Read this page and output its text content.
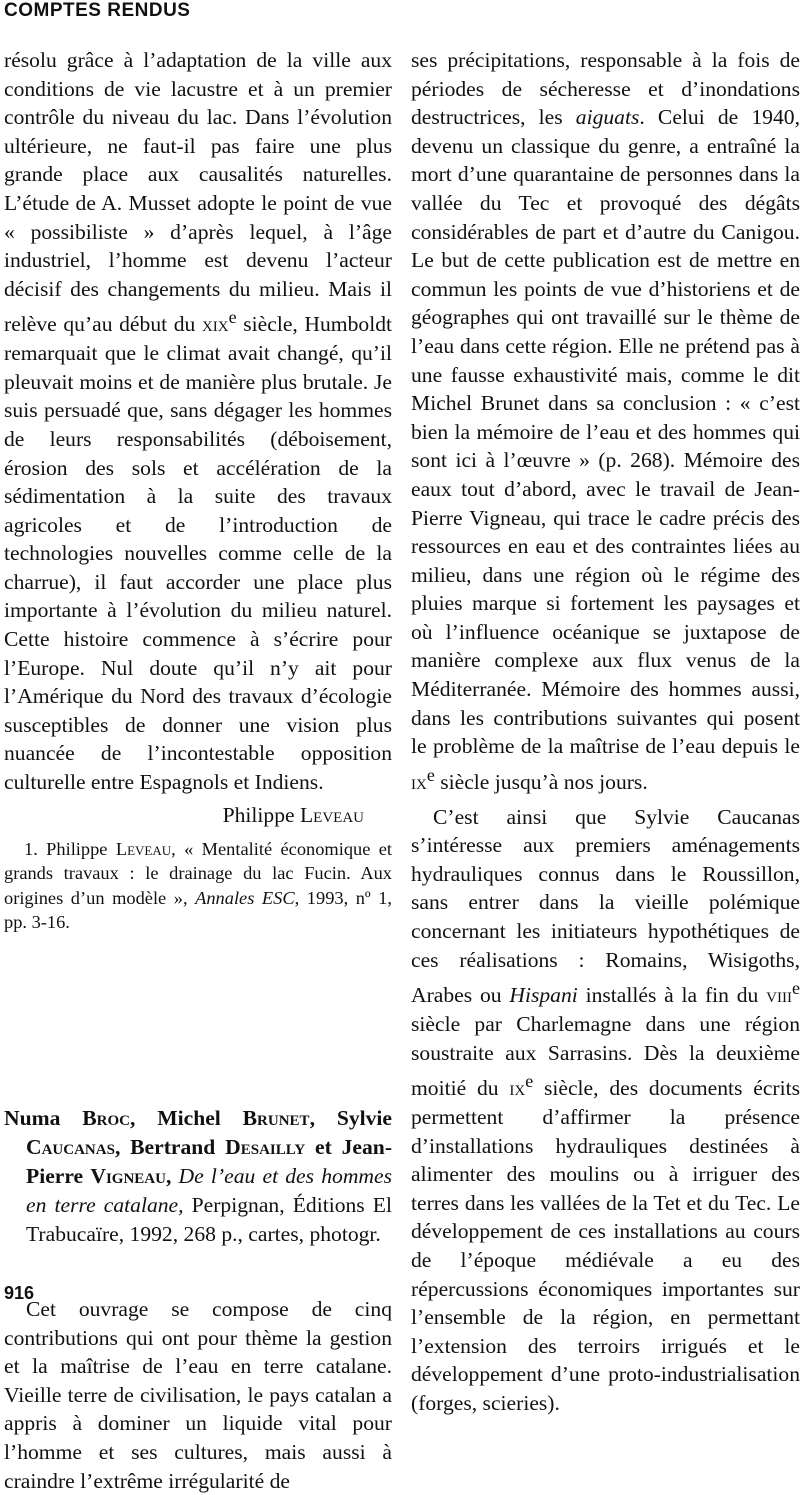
COMPTES RENDUS

résolu grâce à l’adaptation de la ville aux conditions de vie lacustre et à un premier contrôle du niveau du lac. Dans l’évolution ultérieure, ne faut-il pas faire une plus grande place aux causalités naturelles. L’étude de A. Musset adopte le point de vue « possibiliste » d’après lequel, à l’âge industriel, l’homme est devenu l’acteur décisif des changements du milieu. Mais il relève qu’au début du xix$^e$ siècle, Humboldt remarquait que le climat avait changé, qu’il pleuvait moins et de manière plus brutale. Je suis persuadé que, sans dégager les hommes de leurs responsabilités (déboisement, érosion des sols et accélération de la sédimentation à la suite des travaux agricoles et de l’introduction de technologies nouvelles comme celle de la charrue), il faut accorder une place plus importante à l’évolution du milieu naturel. Cette histoire commence à s’écrire pour l’Europe. Nul doute qu’il n’y ait pour l’Amérique du Nord des travaux d’écologie susceptibles de donner une vision plus nuancée de l’incontestable opposition culturelle entre Espagnols et Indiens.

Philippe Leveau

1. Philippe Leveau, « Mentalité économique et grands travaux : le drainage du lac Fucin. Aux origines d’un modèle », Annales ESC, 1993, nº 1, pp. 3-16.

Numa Broc, Michel Brunet, Sylvie Caucanas, Bertrand Desailly et Jean-Pierre Vigneau, De l’eau et des hommes en terre catalane, Perpignan, Éditions El Trabucaïre, 1992, 268 p., cartes, photogr.

Cet ouvrage se compose de cinq contributions qui ont pour thème la gestion et la maîtrise de l’eau en terre catalane. Vieille terre de civilisation, le pays catalan a appris à dominer un liquide vital pour l’homme et ses cultures, mais aussi à craindre l’extrême irrégularité de

ses précipitations, responsable à la fois de périodes de sécheresse et d’inondations destructrices, les aiguats. Celui de 1940, devenu un classique du genre, a entraîné la mort d’une quarantaine de personnes dans la vallée du Tec et provoqué des dégâts considérables de part et d’autre du Canigou. Le but de cette publication est de mettre en commun les points de vue d’historiens et de géographes qui ont travaillé sur le thème de l’eau dans cette région. Elle ne prétend pas à une fausse exhaustivité mais, comme le dit Michel Brunet dans sa conclusion : « c’est bien la mémoire de l’eau et des hommes qui sont ici à l’œuvre » (p. 268). Mémoire des eaux tout d’abord, avec le travail de Jean-Pierre Vigneau, qui trace le cadre précis des ressources en eau et des contraintes liées au milieu, dans une région où le régime des pluies marque si fortement les paysages et où l’influence océanique se juxtapose de manière complexe aux flux venus de la Méditerranée. Mémoire des hommes aussi, dans les contributions suivantes qui posent le problème de la maîtrise de l’eau depuis le $ix^e$ siècle jusqu’à nos jours.

C’est ainsi que Sylvie Caucanas s’intéresse aux premiers aménagements hydrauliques connus dans le Roussillon, sans entrer dans la vieille polémique concernant les initiateurs hypothétiques de ces réalisations : Romains, Wisigoths, Arabes ou Hispani installés à la fin du viii$^e$ siècle par Charlemagne dans une région soustraite aux Sarrasins. Dès la deuxième moitié du $ix^e$ siècle, des documents écrits permettent d’affirmer la présence d’installations hydrauliques destinées à alimenter des moulins ou à irriguer des terres dans les vallées de la Tet et du Tec. Le développement de ces installations au cours de l’époque médiévale a eu des répercussions économiques importantes sur l’ensemble de la région, en permettant l’extension des terroirs irrigués et le développement d’une proto-industrialisation (forges, scieries).

916
